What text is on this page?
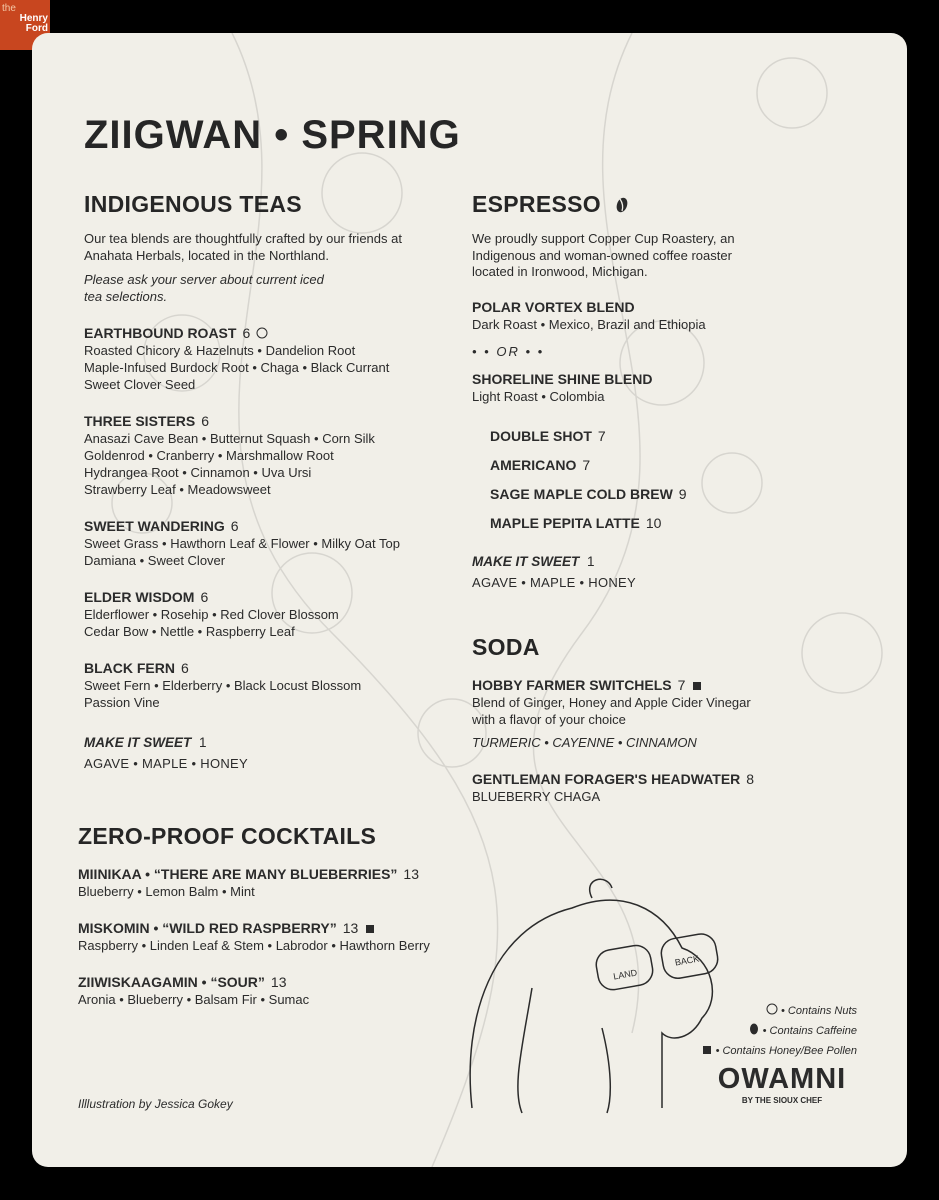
the
Henry
Ford
ZIIGWAN • SPRING
INDIGENOUS TEAS
Our tea blends are thoughtfully crafted by our friends at Anahata Herbals, located in the Northland.
Please ask your server about current iced tea selections.
EARTHBOUND ROAST 6
Roasted Chicory & Hazelnuts • Dandelion Root
Maple-Infused Burdock Root • Chaga • Black Currant
Sweet Clover Seed
THREE SISTERS 6
Anasazi Cave Bean • Butternut Squash • Corn Silk
Goldenrod • Cranberry • Marshmallow Root
Hydrangea Root • Cinnamon • Uva Ursi
Strawberry Leaf • Meadowsweet
SWEET WANDERING 6
Sweet Grass • Hawthorn Leaf & Flower • Milky Oat Top
Damiana • Sweet Clover
ELDER WISDOM 6
Elderflower • Rosehip • Red Clover Blossom
Cedar Bow • Nettle • Raspberry Leaf
BLACK FERN 6
Sweet Fern • Elderberry • Black Locust Blossom
Passion Vine
MAKE IT SWEET 1
AGAVE • MAPLE • HONEY
ZERO-PROOF COCKTAILS
MIINIKAA • “THERE ARE MANY BLUEBERRIES” 13
Blueberry • Lemon Balm • Mint
MISKOMIN • “WILD RED RASPBERRY” 13
Raspberry • Linden Leaf & Stem • Labrodor • Hawthorn Berry
ZIIWISKAAGAMIN • “SOUR” 13
Aronia • Blueberry • Balsam Fir • Sumac
ESPRESSO
We proudly support Copper Cup Roastery, an Indigenous and woman-owned coffee roaster located in Ironwood, Michigan.
POLAR VORTEX BLEND
Dark Roast • Mexico, Brazil and Ethiopia
• • OR • •
SHORELINE SHINE BLEND
Light Roast • Colombia
DOUBLE SHOT 7
AMERICANO 7
SAGE MAPLE COLD BREW 9
MAPLE PEPITA LATTE 10
MAKE IT SWEET 1
AGAVE • MAPLE • HONEY
SODA
HOBBY FARMER SWITCHELS 7
Blend of Ginger, Honey and Apple Cider Vinegar
with a flavor of your choice
TURMERIC • CAYENNE • CINNAMON
GENTLEMAN FORAGER'S HEADWATER 8
BLUEBERRY CHAGA
LAND
BACK
• Contains Nuts
• Contains Caffeine
• Contains Honey/Bee Pollen
OWAMNI
BY THE SIOUX CHEF
Illlustration by Jessica Gokey
